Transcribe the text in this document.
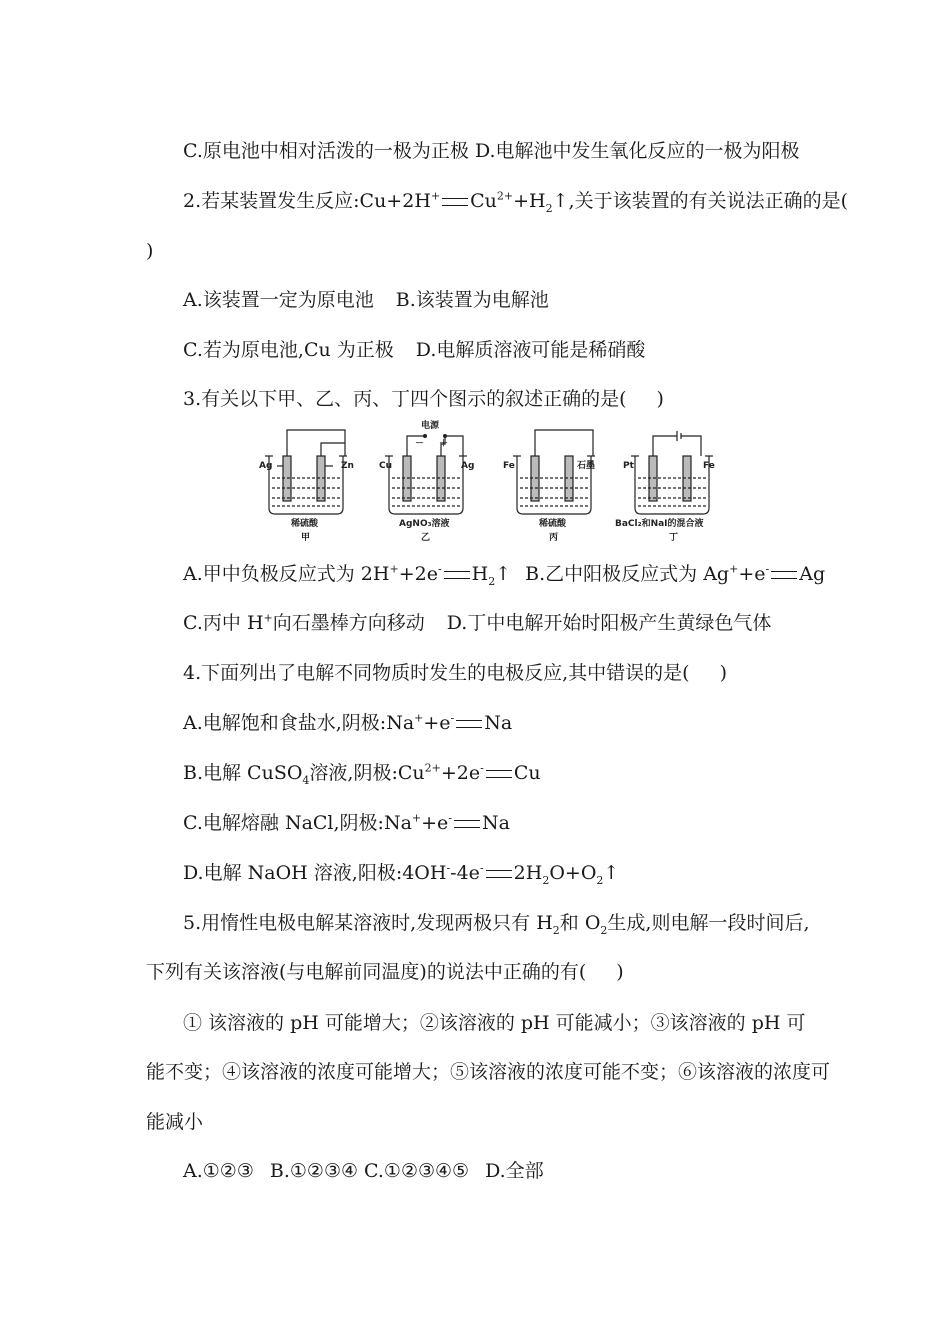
C.原电池中相对活泼的一极为正极 D.电解池中发生氧化反应的一极为阳极
2.若某装置发生反应:Cu+2H+ $Cu^{2+}+H_2↑$,关于该装置的有关说法正确的是(
)
A.该装置一定为原电池 B.该装置为电解池
C.若为原电池,Cu 为正极 D.电解质溶液可能是稀硝酸
3.有关以下甲、乙、丙、丁四个图示的叙述正确的是( )
Ag	Zn
稀硫酸
甲
电源
－ ＋
Cu	Ag
AgNO₃溶液
乙
Fe	石墨
稀硫酸
丙
Pt	Fe
BaCl₂和NaI的混合液
丁
A.甲中负极反应式为 2H++2e- $H_2↑$ B.乙中阳极反应式为 Ag++e- Ag
C.丙中 H+向石墨棒方向移动 D.丁中电解开始时阳极产生黄绿色气体
4.下面列出了电解不同物质时发生的电极反应,其中错误的是( )
A.电解饱和食盐水,阴极:Na++e- Na
B.电解 CuSO$_4$溶液,阴极$:Cu^{2+}+2e^-$ Cu
C.电解熔融 NaCl,阴极:Na++e- Na
D.电解 NaOH 溶液,阳极:4OH--4e- $2H_2O+O_2↑$
5.用惰性电极电解某溶液时,发现两极只有 $H_2$和 $O_2$生成,则电解一段时间后,
下列有关该溶液(与电解前同温度)的说法中正确的有( )
① 该溶液的 pH 可能增大；②该溶液的 pH 可能减小；③该溶液的 pH 可
能不变；④该溶液的浓度可能增大；⑤该溶液的浓度可能不变；⑥该溶液的浓度可
能减小
A.①②③ B.①②③④ C.①②③④⑤ D.全部
